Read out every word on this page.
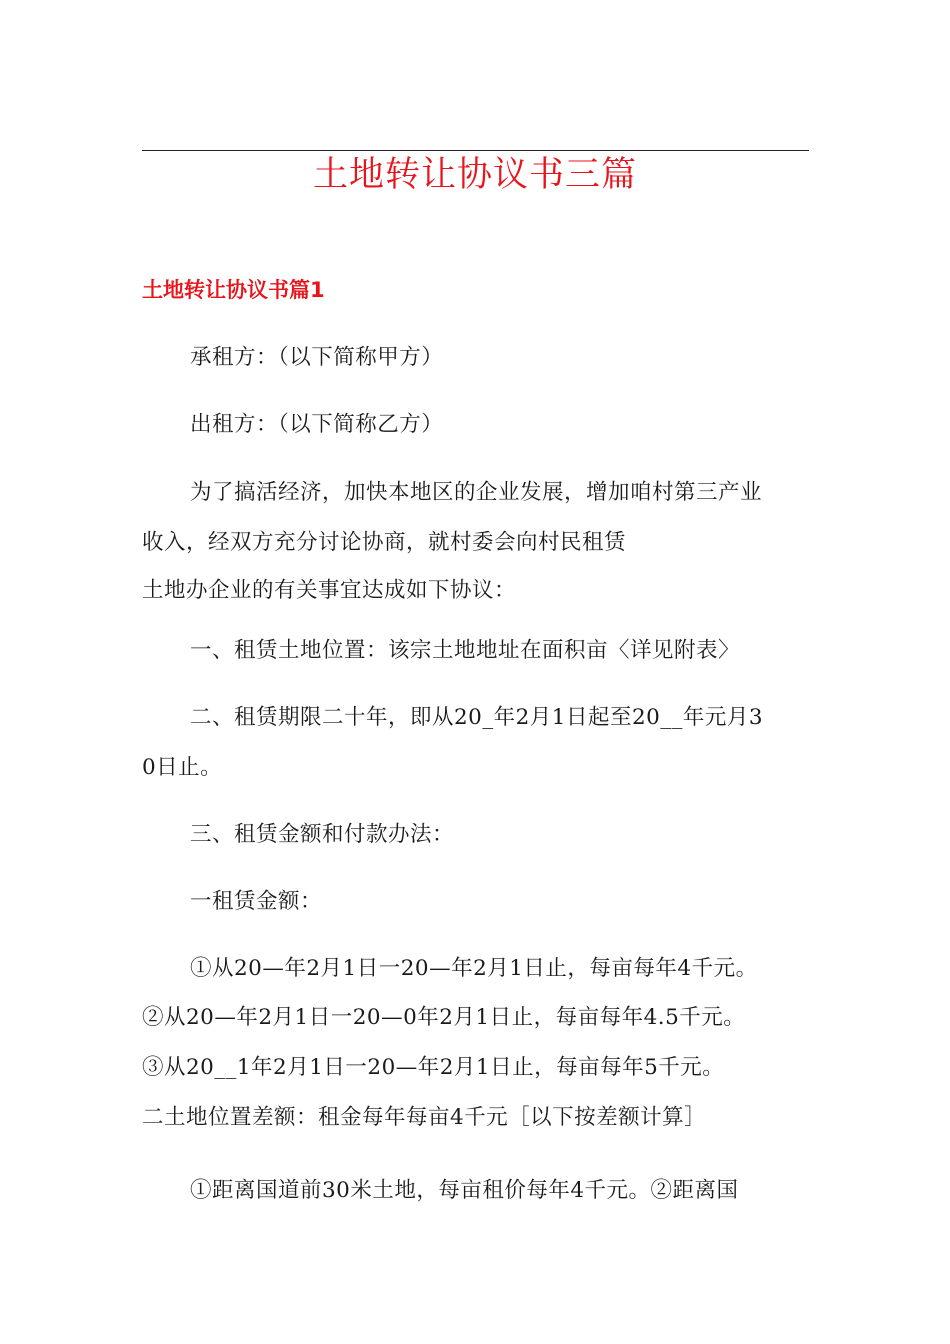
土地转让协议书三篇
土地转让协议书篇1
承租方：（以下简称甲方）
出租方：（以下简称乙方）
为了搞活经济，加快本地区的企业发展，增加咱村第三产业
收入，经双方充分讨论协商，就村委会向村民租赁
土地办企业的有关事宜达成如下协议：
一、租赁土地位置：该宗土地地址在面积亩〈详见附表〉
二、租赁期限二十年，即从20_年2月1日起至20__年元月3
0日止。
三、租赁金额和付款办法：
一租赁金额：
①从20—年2月1日一20—年2月1日止，每亩每年4千元。
②从20—年2月1日一20—0年2月1日止，每亩每年4.5千元。
③从20__1年2月1日一20—年2月1日止，每亩每年5千元。
二土地位置差额：租金每年每亩4千元［以下按差额计算］
①距离国道前30米土地，每亩租价每年4千元。②距离国
